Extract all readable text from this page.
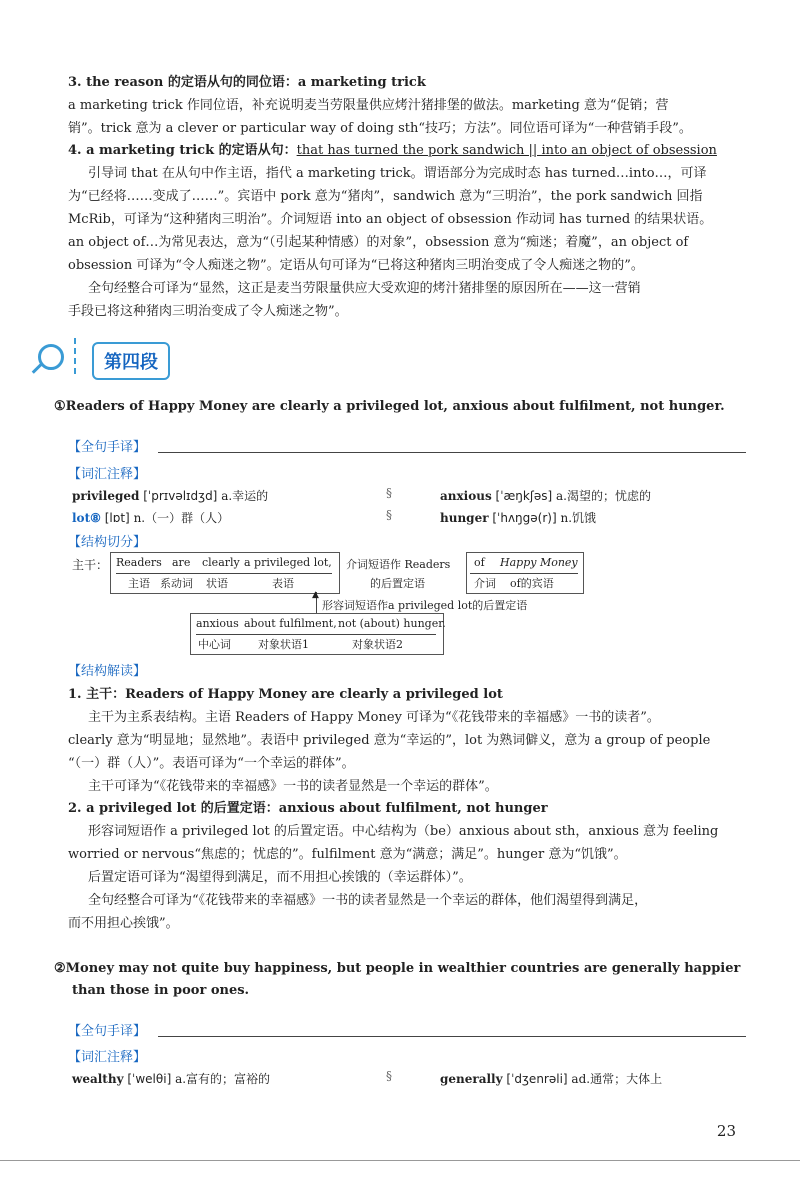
3. the reason 的定语从句的同位语：a marketing trick
a marketing trick 作同位语，补充说明麦当劳限量供应烤汁猪排堡的做法。marketing 意为“促销；营
销”。trick 意为 a clever or particular way of doing sth“技巧；方法”。同位语可译为“一种营销手段”。
4. a marketing trick 的定语从句：that has turned the pork sandwich || into an object of obsession
引导词 that 在从句中作主语，指代 a marketing trick。谓语部分为完成时态 has turned…into…，可译
为“已经将……变成了……”。宾语中 pork 意为“猪肉”，sandwich 意为“三明治”，the pork sandwich 回指
McRib，可译为“这种猪肉三明治”。介词短语 into an object of obsession 作动词 has turned 的结果状语。
an object of…为常见表达，意为“（引起某种情感）的对象”，obsession 意为“痴迷；着魔”，an object of
obsession 可译为“令人痴迷之物”。定语从句可译为“已将这种猪肉三明治变成了令人痴迷之物的”。
全句经整合可译为“显然，这正是麦当劳限量供应大受欢迎的烤汁猪排堡的原因所在——这一营销
手段已将这种猪肉三明治变成了令人痴迷之物”。
第四段
①Readers of Happy Money are clearly a privileged lot, anxious about fulfilment, not hunger.
【全句手译】
【词汇注释】
privileged [ˈprɪvəlɪdʒd] a.幸运的	anxious [ˈæŋkʃəs] a.渴望的；忧虑的
lot⑧ [lɒt] n.（一）群（人）	hunger [ˈhʌŋgə(r)] n.饥饿
§
§
【结构切分】
主干： Readers are clearly a privileged lot,
主语 系动词 状语	表语
介词短语作 Readers
的后置定语
of Happy Money
介词 of的宾语
▲
形容词短语作a privileged lot的后置定语
anxious about fulfilment, not (about) hunger.
中心词 对象状语1	对象状语2
【结构解读】
1. 主干：Readers of Happy Money are clearly a privileged lot
主干为主系表结构。主语 Readers of Happy Money 可译为“《花钱带来的幸福感》一书的读者”。
clearly 意为“明显地；显然地”。表语中 privileged 意为“幸运的”，lot 为熟词僻义，意为 a group of people
“（一）群（人）”。表语可译为“一个幸运的群体”。
主干可译为“《花钱带来的幸福感》一书的读者显然是一个幸运的群体”。
2. a privileged lot 的后置定语：anxious about fulfilment, not hunger
形容词短语作 a privileged lot 的后置定语。中心结构为（be）anxious about sth，anxious 意为 feeling
worried or nervous“焦虑的；忧虑的”。fulfilment 意为“满意；满足”。hunger 意为“饥饿”。
后置定语可译为“渴望得到满足，而不用担心挨饿的（幸运群体）”。
全句经整合可译为“《花钱带来的幸福感》一书的读者显然是一个幸运的群体，他们渴望得到满足，
而不用担心挨饿”。
②Money may not quite buy happiness, but people in wealthier countries are generally happier
than those in poor ones.
【全句手译】
【词汇注释】
wealthy [ˈwelθi] a.富有的；富裕的	§	generally [ˈdʒenrəli] ad.通常；大体上
23
